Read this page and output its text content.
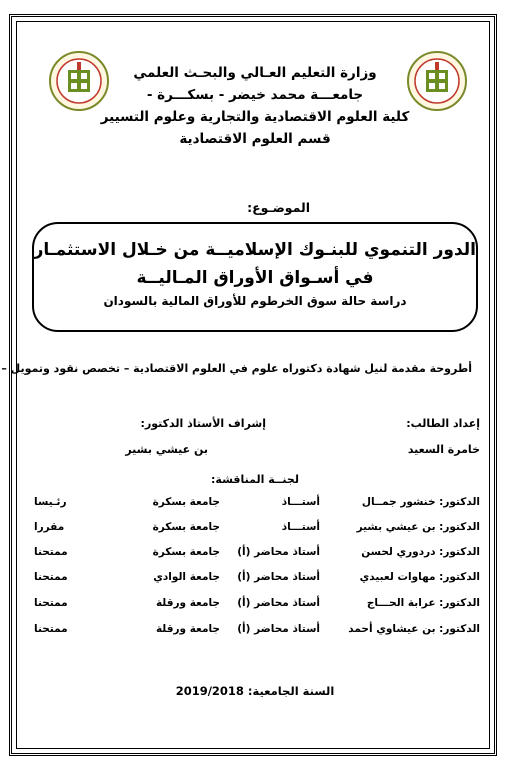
وزارة التعليم العـالي والبحـث العلمي
جامعـــة محمد خيضر - بسكـــرة -
كلية العلوم الاقتصادية والتجارية وعلوم التسيير
قسم العلوم الاقتصادية
الموضـوع:
الدور التنموي للبنـوك الإسلاميــة من خـلال الاستثمـار
في أسـواق الأوراق المـاليــة
دراسة حالة سوق الخرطوم للأوراق المالية بالسودان
أطروحة مقدمة لنيل شهادة دكتوراه علوم في العلوم الاقتصادية – تخصص نقود وتمويل –
إعداد الطالب:
خامرة السعيد
إشراف الأستاذ الدكتور:
بن عيشي بشير
لجنــة المناقشة:
الدكتور: خنشور جمــال
أستـــاذ
جامعة بسكرة
رئـيسا
الدكتور: بن عيشي بشير
أستـــاذ
جامعة بسكرة
مقررا
الدكتور: دردوري لحسن
أستاذ محاضر (أ)
جامعة بسكرة
ممتحنا
الدكتور: مهاوات لعبيدي
أستاذ محاضر (أ)
جامعة الوادي
ممتحنا
الدكتور: عرابة الحـــاج
أستاذ محاضر (أ)
جامعة ورقلة
ممتحنا
الدكتور: بن عيشاوي أحمد
أستاذ محاضر (أ)
جامعة ورقلة
ممتحنا
السنة الجامعية: 2019/2018
